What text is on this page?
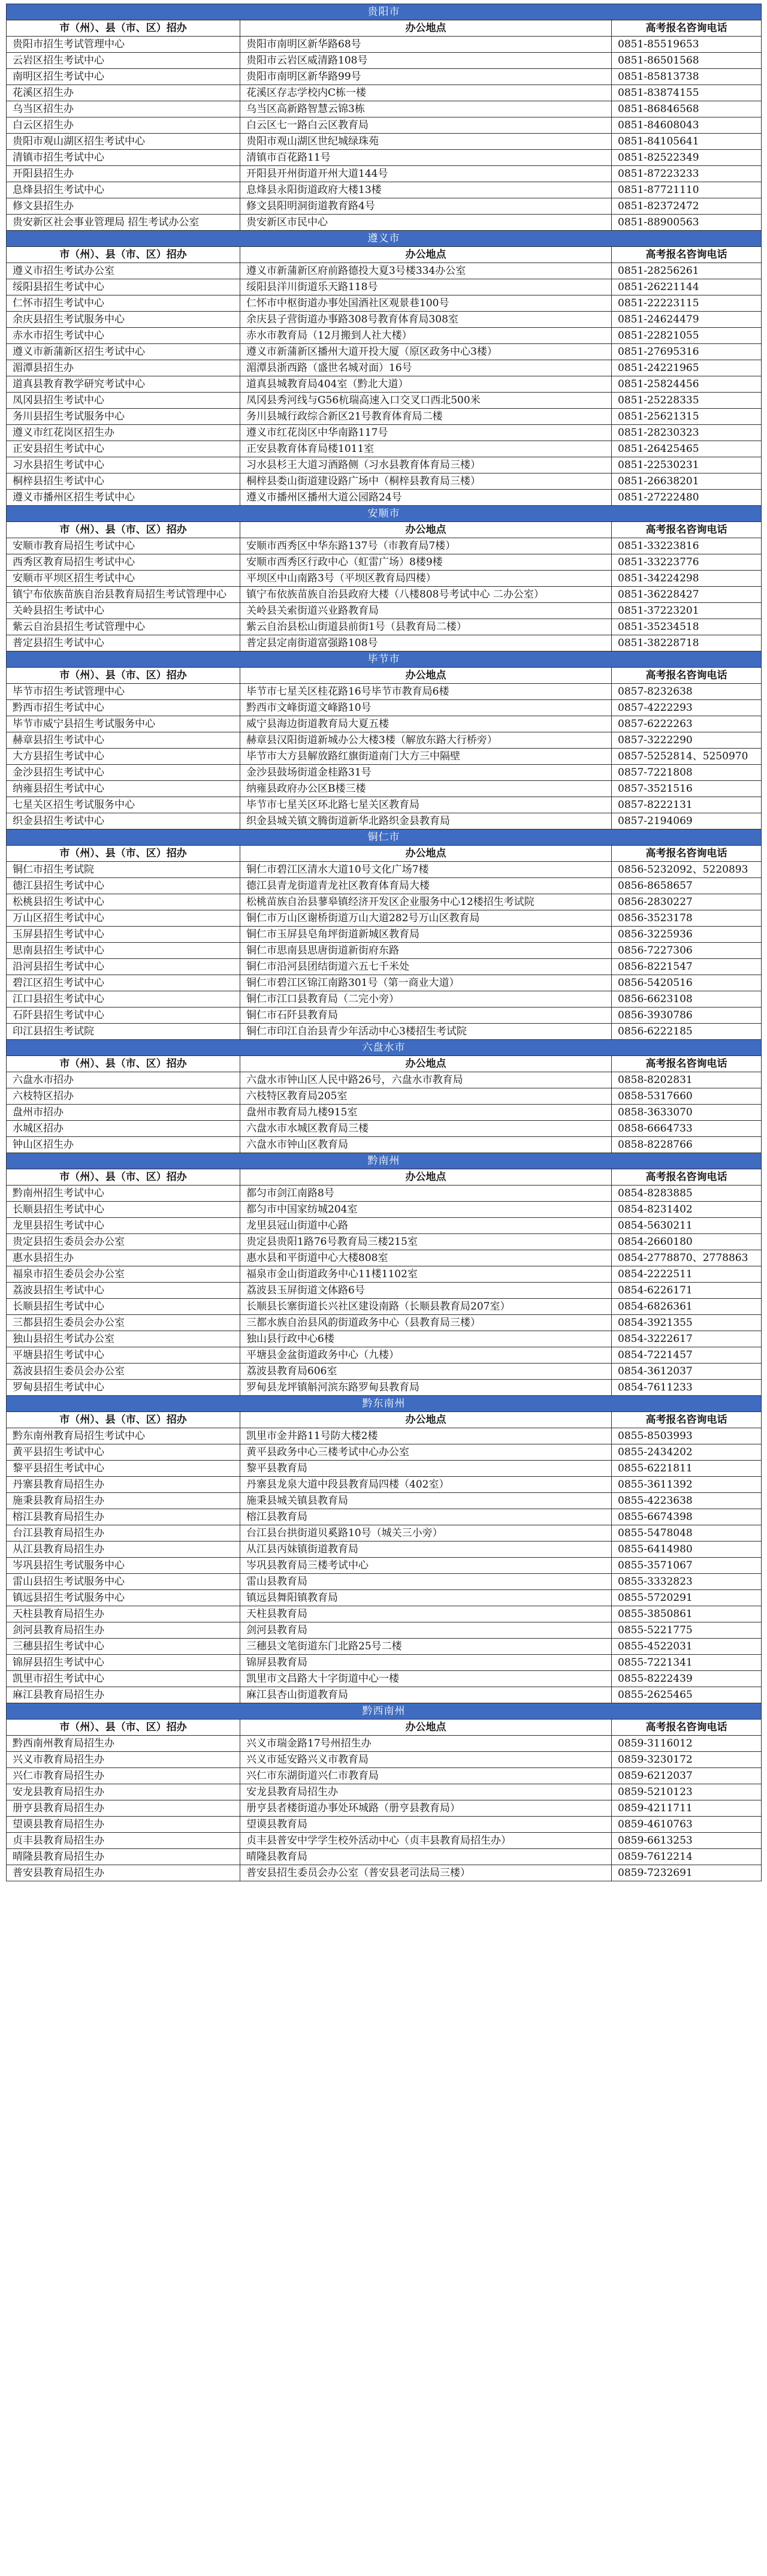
贵阳市		
市（州）、县（市、区）招办	办公地点	高考报名咨询电话
贵阳市招生考试管理中心	贵阳市南明区新华路68号	0851-85519653
云岩区招生考试中心	贵阳市云岩区威清路108号	0851-86501568
南明区招生考试中心	贵阳市南明区新华路99号	0851-85813738
花溪区招生办	花溪区存志学校内C栋一楼	0851-83874155
乌当区招生办	乌当区高新路智慧云锦3栋	0851-86846568
白云区招生办	白云区七一路白云区教育局	0851-84608043
贵阳市观山湖区招生考试中心	贵阳市观山湖区世纪城绿珠苑	0851-84105641
清镇市招生考试中心	清镇市百花路11号	0851-82522349
开阳县招生办	开阳县开州街道开州大道144号	0851-87223233
息烽县招生考试中心	息烽县永阳街道政府大楼13楼	0851-87721110
修文县招生办	修文县阳明洞街道教育路4号	0851-82372472
贵安新区社会事业管理局 招生考试办公室	贵安新区市民中心	0851-88900563
遵义市		
市（州）、县（市、区）招办	办公地点	高考报名咨询电话
遵义市招生考试办公室	遵义市新蒲新区府前路德投大夏3号楼334办公室	0851-28256261
绥阳县招生考试中心	绥阳县洋川街道乐天路118号	0851-26221144
仁怀市招生考试中心	仁怀市中枢街道办事处国酒社区观景巷100号	0851-22223115
余庆县招生考试服务中心	余庆县子营街道办事路308号教育体育局308室	0851-24624479
赤水市招生考试中心	赤水市教育局（12月搬到人社大楼）	0851-22821055
遵义市新蒲新区招生考试中心	遵义市新蒲新区播州大道开投大厦（原区政务中心3楼）	0851-27695316
湄潭县招生办	湄潭县浙西路（盛世名城对面）16号	0851-24221965
道真县教育教学研究考试中心	道真县城教育局404室（黔北大道）	0851-25824456
凤冈县招生考试中心	凤冈县秀河线与G56杭瑞高速入口交叉口西北500米	0851-25228335
务川县招生考试服务中心	务川县城行政综合新区21号教育体育局二楼	0851-25621315
遵义市红花岗区招生办	遵义市红花岗区中华南路117号	0851-28230323
正安县招生考试中心	正安县教育体育局楼1011室	0851-26425465
习水县招生考试中心	习水县杉王大道习酒路侧（习水县教育体育局三楼）	0851-22530231
桐梓县招生考试中心	桐梓县娄山街道建设路广场中（桐梓县教育局三楼）	0851-26638201
遵义市播州区招生考试中心	遵义市播州区播州大道公园路24号	0851-27222480
安顺市		
市（州）、县（市、区）招办	办公地点	高考报名咨询电话
安顺市教育局招生考试中心	安顺市西秀区中华东路137号（市教育局7楼）	0851-33223816
西秀区教育局招生考试中心	安顺市西秀区行政中心（虹雷广场）8楼9楼	0851-33223776
安顺市平坝区招生考试中心	平坝区中山南路3号（平坝区教育局四楼）	0851-34224298
镇宁布依族苗族自治县教育局招生考试管理中心	镇宁布依族苗族自治县政府大楼（八楼808号考试中心 二办公室）	0851-36228427
关岭县招生考试中心	关岭县关索街道兴业路教育局	0851-37223201
紫云自治县招生考试管理中心	紫云自治县松山街道县前街1号（县教育局二楼）	0851-35234518
普定县招生考试中心	普定县定南街道富强路108号	0851-38228718
毕节市		
市（州）、县（市、区）招办	办公地点	高考报名咨询电话
毕节市招生考试管理中心	毕节市七星关区桂花路16号毕节市教育局6楼	0857-8232638
黔西市招生考试中心	黔西市文峰街道文峰路10号	0857-4222293
毕节市威宁县招生考试服务中心	威宁县海边街道教育局大夏五楼	0857-6222263
赫章县招生考试中心	赫章县汉阳街道新城办公大楼3楼（解放东路大行桥旁）	0857-3222290
大方县招生考试中心	毕节市大方县解放路红旗街道南门大方三中隔壁	0857-5252814、5250970
金沙县招生考试中心	金沙县鼓场街道金桂路31号	0857-7221808
纳雍县招生考试中心	纳雍县政府办公区B楼三楼	0857-3521516
七星关区招生考试服务中心	毕节市七星关区环北路七星关区教育局	0857-8222131
织金县招生考试中心	织金县城关镇文腾街道新华北路织金县教育局	0857-2194069
铜仁市		
市（州）、县（市、区）招办	办公地点	高考报名咨询电话
铜仁市招生考试院	铜仁市碧江区清水大道10号文化广场7楼	0856-5232092、5220893
德江县招生考试中心	德江县青龙街道青龙社区教育体育局大楼	0856-8658657
松桃县招生考试中心	松桃苗族自治县蓼皋镇经济开发区企业服务中心12楼招生考试院	0856-2830227
万山区招生考试中心	铜仁市万山区谢桥街道万山大道282号万山区教育局	0856-3523178
玉屏县招生考试中心	铜仁市玉屏县皂角坪街道新城区教育局	0856-3225936
思南县招生考试中心	铜仁市思南县思唐街道新街府东路	0856-7227306
沿河县招生考试中心	铜仁市沿河县团结街道六五七千米处	0856-8221547
碧江区招生考试中心	铜仁市碧江区锦江南路301号（第一商业大道）	0856-5420516
江口县招生考试中心	铜仁市江口县教育局（二完小旁）	0856-6623108
石阡县招生考试中心	铜仁市石阡县教育局	0856-3930786
印江县招生考试院	铜仁市印江自治县青少年活动中心3楼招生考试院	0856-6222185
六盘水市		
市（州）、县（市、区）招办	办公地点	高考报名咨询电话
六盘水市招办	六盘水市钟山区人民中路26号，六盘水市教育局	0858-8202831
六枝特区招办	六枝特区教育局205室	0858-5317660
盘州市招办	盘州市教育局九楼915室	0858-3633070
水城区招办	六盘水市水城区教育局三楼	0858-6664733
钟山区招生办	六盘水市钟山区教育局	0858-8228766
黔南州		
市（州）、县（市、区）招办	办公地点	高考报名咨询电话
黔南州招生考试中心	都匀市剑江南路8号	0854-8283885
长顺县招生考试中心	都匀市中国家纺城204室	0854-8231402
龙里县招生考试中心	龙里县冠山街道中心路	0854-5630211
贵定县招生委员会办公室	贵定县贵阳1路76号教育局三楼215室	0854-2660180
惠水县招生办	惠水县和平街道中心大楼808室	0854-2778870、2778863
福泉市招生委员会办公室	福泉市金山街道政务中心11楼1102室	0854-2222511
荔波县招生考试中心	荔波县玉屏街道文体路6号	0854-6226171
长顺县招生考试中心	长顺县长寨街道长兴社区建设南路（长顺县教育局207室）	0854-6826361
三都县招生委员会办公室	三都水族自治县风韵街道政务中心（县教育局三楼）	0854-3921355
独山县招生考试办公室	独山县行政中心6楼	0854-3222617
平塘县招生考试中心	平塘县金盆街道政务中心（九楼）	0854-7221457
荔波县招生委员会办公室	荔波县教育局606室	0854-3612037
罗甸县招生考试中心	罗甸县龙坪镇斛河滨东路罗甸县教育局	0854-7611233
黔东南州		
市（州）、县（市、区）招办	办公地点	高考报名咨询电话
黔东南州教育局招生考试中心	凯里市金井路11号防大楼2楼	0855-8503993
黄平县招生考试中心	黄平县政务中心三楼考试中心办公室	0855-2434202
黎平县招生考试中心	黎平县教育局	0855-6221811
丹寨县教育局招生办	丹寨县龙泉大道中段县教育局四楼（402室）	0855-3611392
施秉县教育局招生办	施秉县城关镇县教育局	0855-4223638
榕江县教育局招生办	榕江县教育局	0855-6674398
台江县教育局招生办	台江县台拱街道贝奚路10号（城关三小旁）	0855-5478048
从江县教育局招生办	从江县丙妹镇街道教育局	0855-6414980
岑巩县招生考试服务中心	岑巩县教育局三楼考试中心	0855-3571067
雷山县招生考试服务中心	雷山县教育局	0855-3332823
镇远县招生考试服务中心	镇远县舞阳镇教育局	0855-5720291
天柱县教育局招生办	天柱县教育局	0855-3850861
剑河县教育局招生办	剑河县教育局	0855-5221775
三穗县招生考试中心	三穗县文笔街道东门北路25号二楼	0855-4522031
锦屏县招生考试中心	锦屏县教育局	0855-7221341
凯里市招生考试中心	凯里市文昌路大十字街道中心一楼	0855-8222439
麻江县教育局招生办	麻江县杏山街道教育局	0855-2625465
黔西南州		
市（州）、县（市、区）招办	办公地点	高考报名咨询电话
黔西南州教育局招生办	兴义市瑞金路17号州招生办	0859-3116012
兴义市教育局招生办	兴义市延安路兴义市教育局	0859-3230172
兴仁市教育局招生办	兴仁市东湖街道兴仁市教育局	0859-6212037
安龙县教育局招生办	安龙县教育局招生办	0859-5210123
册亨县教育局招生办	册亨县者楼街道办事处环城路（册亨县教育局）	0859-4211711
望谟县教育局招生办	望谟县教育局	0859-4610763
贞丰县教育局招生办	贞丰县普安中学学生校外活动中心（贞丰县教育局招生办）	0859-6613253
晴隆县教育局招生办	晴隆县教育局	0859-7612214
普安县教育局招生办	普安县招生委员会办公室（普安县老司法局三楼）	0859-7232691
